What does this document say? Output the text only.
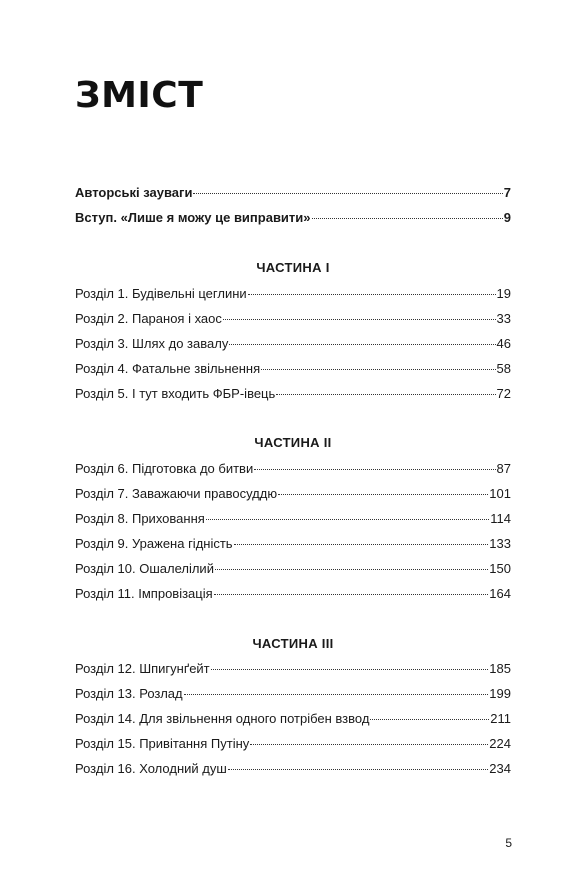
ЗМІСТ
Авторські зауваги	7
Вступ. «Лише я можу це виправити»	9
ЧАСТИНА I
Розділ 1. Будівельні цеглини	19
Розділ 2. Параноя і хаос	33
Розділ 3. Шлях до завалу	46
Розділ 4. Фатальне звільнення	58
Розділ 5. І тут входить ФБР-івець	72
ЧАСТИНА II
Розділ 6. Підготовка до битви	87
Розділ 7. Заважаючи правосуддю	101
Розділ 8. Приховання	114
Розділ 9. Уражена гідність	133
Розділ 10. Ошалелілий	150
Розділ 11. Імпровізація	164
ЧАСТИНА III
Розділ 12. Шпигунґейт	185
Розділ 13. Розлад	199
Розділ 14. Для звільнення одного потрібен взвод	211
Розділ 15. Привітання Путіну	224
Розділ 16. Холодний душ	234
5
